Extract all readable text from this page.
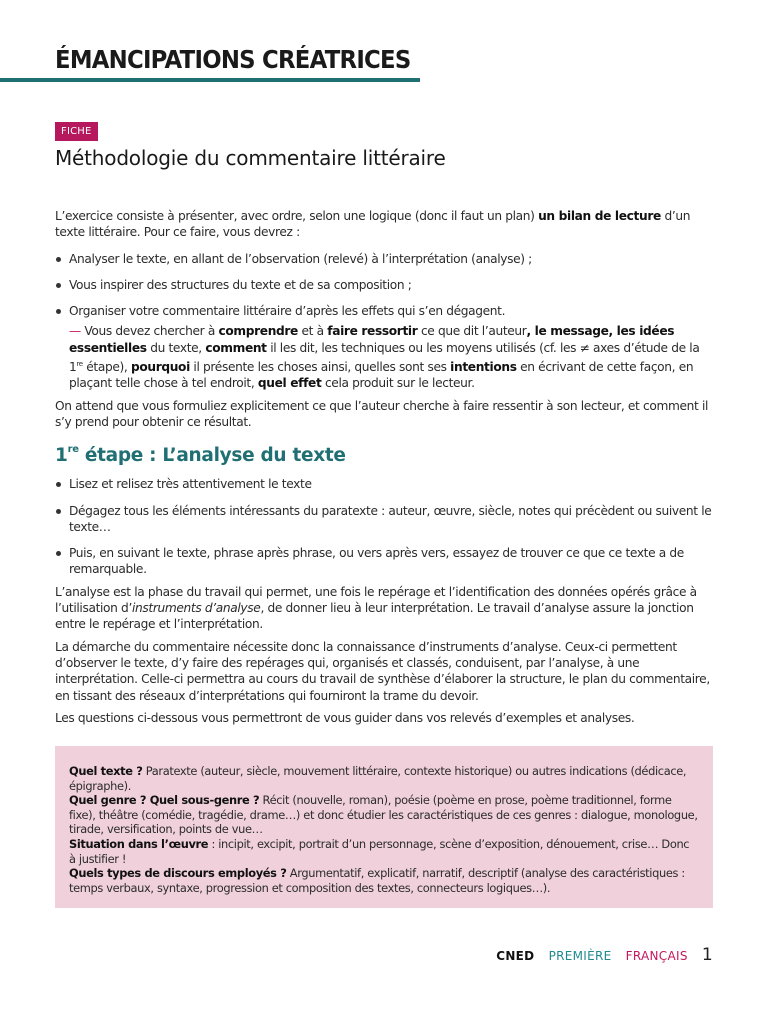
ÉMANCIPATIONS CRÉATRICES
FICHE
Méthodologie du commentaire littéraire

L’exercice consiste à présenter, avec ordre, selon une logique (donc il faut un plan) un bilan de lecture d’un texte littéraire. Pour ce faire, vous devrez :

Analyser le texte, en allant de l’observation (relevé) à l’interprétation (analyse) ;
Vous inspirer des structures du texte et de sa composition ;
Organiser votre commentaire littéraire d’après les effets qui s’en dégagent.

— Vous devez chercher à comprendre et à faire ressortir ce que dit l’auteur, le message, les idées essentielles du texte, comment il les dit, les techniques ou les moyens utilisés (cf. les ≠ axes d’étude de la 1re étape), pourquoi il présente les choses ainsi, quelles sont ses intentions en écrivant de cette façon, en plaçant telle chose à tel endroit, quel effet cela produit sur le lecteur.

On attend que vous formuliez explicitement ce que l’auteur cherche à faire ressentir à son lecteur, et comment il s’y prend pour obtenir ce résultat.

1re étape : L’analyse du texte
Lisez et relisez très attentivement le texte
Dégagez tous les éléments intéressants du paratexte : auteur, œuvre, siècle, notes qui précèdent ou suivent le texte…
Puis, en suivant le texte, phrase après phrase, ou vers après vers, essayez de trouver ce que ce texte a de remarquable.

L’analyse est la phase du travail qui permet, une fois le repérage et l’identification des données opérés grâce à l’utilisation d’instruments d’analyse, de donner lieu à leur interprétation. Le travail d’analyse assure la jonction entre le repérage et l’interprétation.

La démarche du commentaire nécessite donc la connaissance d’instruments d’analyse. Ceux-ci permettent d’observer le texte, d’y faire des repérages qui, organisés et classés, conduisent, par l’analyse, à une interprétation. Celle-ci permettra au cours du travail de synthèse d’élaborer la structure, le plan du commentaire, en tissant des réseaux d’interprétations qui fourniront la trame du devoir.

Les questions ci-dessous vous permettront de vous guider dans vos relevés d’exemples et analyses.

Quel texte ? Paratexte (auteur, siècle, mouvement littéraire, contexte historique) ou autres indications (dédicace, épigraphe).

Quel genre ? Quel sous-genre ? Récit (nouvelle, roman), poésie (poème en prose, poème traditionnel, forme fixe), théâtre (comédie, tragédie, drame…) et donc étudier les caractéristiques de ces genres : dialogue, monologue, tirade, versification, points de vue…

Situation dans l’œuvre : incipit, excipit, portrait d’un personnage, scène d’exposition, dénouement, crise… Donc à justifier !

Quels types de discours employés ? Argumentatif, explicatif, narratif, descriptif (analyse des caractéristiques : temps verbaux, syntaxe, progression et composition des textes, connecteurs logiques…).

CNED PREMIÈRE FRANÇAIS 1
